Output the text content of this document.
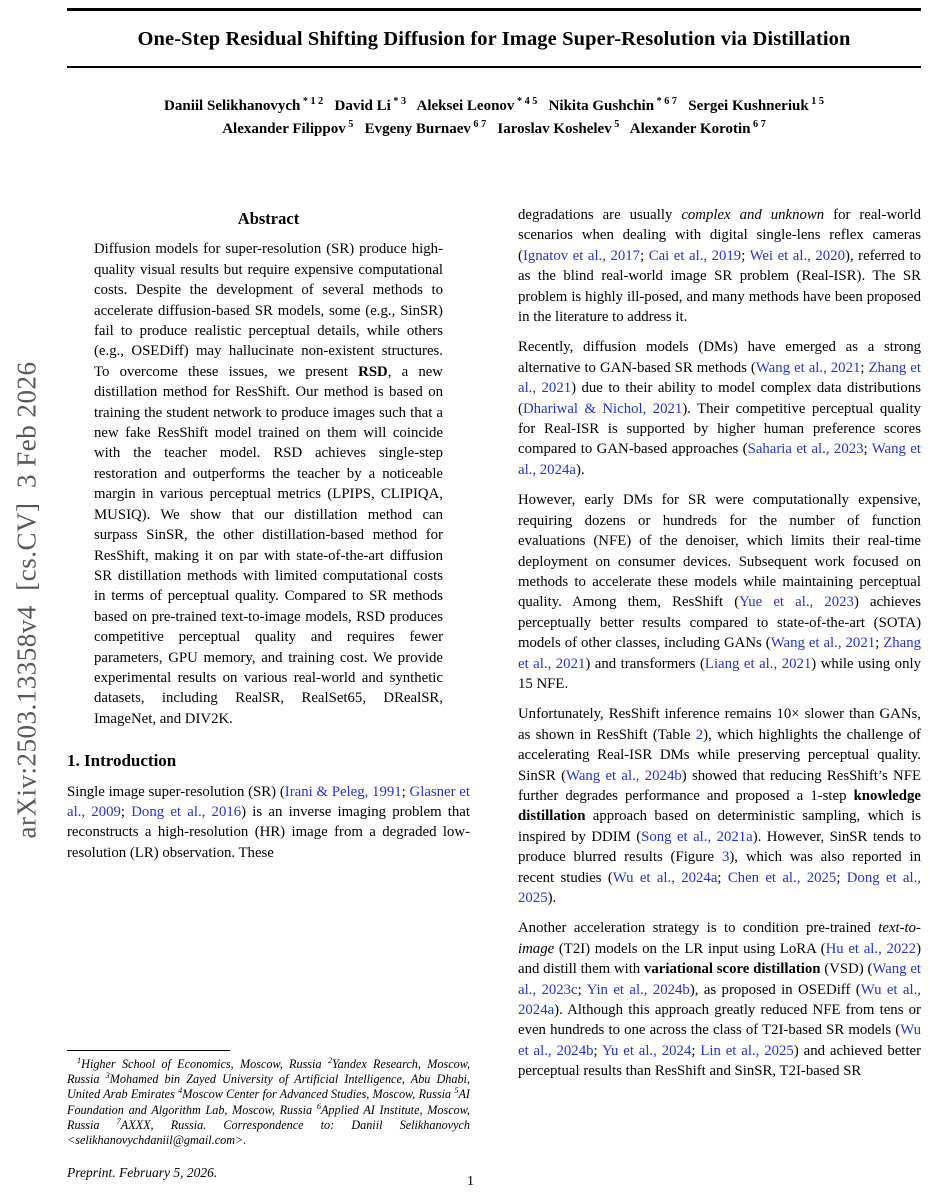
arXiv:2503.13358v4  [cs.CV]  3 Feb 2026
One-Step Residual Shifting Diffusion for Image Super-Resolution via Distillation
Daniil Selikhanovych $^{* 1 2}$ David Li $^{* 3}$ Aleksei Leonov $^{* 4 5}$ Nikita Gushchin $^{* 6 7}$ Sergei Kushneriuk $^{1 5}$
Alexander Filippov $^5$ Evgeny Burnaev $^{6 7}$ Iaroslav Koshelev $^5$ Alexander Korotin $^{6 7}$
Abstract

Diffusion models for super-resolution (SR) produce high-quality visual results but require expensive computational costs. Despite the development of several methods to accelerate diffusion-based SR models, some (e.g., SinSR) fail to produce realistic perceptual details, while others (e.g., OSEDiff) may hallucinate non-existent structures. To overcome these issues, we present RSD, a new distillation method for ResShift. Our method is based on training the student network to produce images such that a new fake ResShift model trained on them will coincide with the teacher model. RSD achieves single-step restoration and outperforms the teacher by a noticeable margin in various perceptual metrics (LPIPS, CLIPIQA, MUSIQ). We show that our distillation method can surpass SinSR, the other distillation-based method for ResShift, making it on par with state-of-the-art diffusion SR distillation methods with limited computational costs in terms of perceptual quality. Compared to SR methods based on pre-trained text-to-image models, RSD produces competitive perceptual quality and requires fewer parameters, GPU memory, and training cost. We provide experimental results on various real-world and synthetic datasets, including RealSR, RealSet65, DRealSR, ImageNet, and DIV2K.

1. Introduction

Single image super-resolution (SR) (Irani & Peleg, 1991; Glasner et al., 2009; Dong et al., 2016) is an inverse imaging problem that reconstructs a high-resolution (HR) image from a degraded low-resolution (LR) observation. These

$^1$Higher School of Economics, Moscow, Russia $^2$Yandex Research, Moscow, Russia $^3$Mohamed bin Zayed University of Artificial Intelligence, Abu Dhabi, United Arab Emirates $^4$Moscow Center for Advanced Studies, Moscow, Russia $^5$AI Foundation and Algorithm Lab, Moscow, Russia $^6$Applied AI Institute, Moscow, Russia $^7$AXXX, Russia. Correspondence to: Daniil Selikhanovych <selikhanovychdaniil@gmail.com>.

Preprint. February 5, 2026.

degradations are usually complex and unknown for real-world scenarios when dealing with digital single-lens reflex cameras (Ignatov et al., 2017; Cai et al., 2019; Wei et al., 2020), referred to as the blind real-world image SR problem (Real-ISR). The SR problem is highly ill-posed, and many methods have been proposed in the literature to address it.

Recently, diffusion models (DMs) have emerged as a strong alternative to GAN-based SR methods (Wang et al., 2021; Zhang et al., 2021) due to their ability to model complex data distributions (Dhariwal & Nichol, 2021). Their competitive perceptual quality for Real-ISR is supported by higher human preference scores compared to GAN-based approaches (Saharia et al., 2023; Wang et al., 2024a).

However, early DMs for SR were computationally expensive, requiring dozens or hundreds for the number of function evaluations (NFE) of the denoiser, which limits their real-time deployment on consumer devices. Subsequent work focused on methods to accelerate these models while maintaining perceptual quality. Among them, ResShift (Yue et al., 2023) achieves perceptually better results compared to state-of-the-art (SOTA) models of other classes, including GANs (Wang et al., 2021; Zhang et al., 2021) and transformers (Liang et al., 2021) while using only 15 NFE.

Unfortunately, ResShift inference remains 10× slower than GANs, as shown in ResShift (Table 2), which highlights the challenge of accelerating Real-ISR DMs while preserving perceptual quality. SinSR (Wang et al., 2024b) showed that reducing ResShift’s NFE further degrades performance and proposed a 1-step knowledge distillation approach based on deterministic sampling, which is inspired by DDIM (Song et al., 2021a). However, SinSR tends to produce blurred results (Figure 3), which was also reported in recent studies (Wu et al., 2024a; Chen et al., 2025; Dong et al., 2025).

Another acceleration strategy is to condition pre-trained text-to-image (T2I) models on the LR input using LoRA (Hu et al., 2022) and distill them with variational score distillation (VSD) (Wang et al., 2023c; Yin et al., 2024b), as proposed in OSEDiff (Wu et al., 2024a). Although this approach greatly reduced NFE from tens or even hundreds to one across the class of T2I-based SR models (Wu et al., 2024b; Yu et al., 2024; Lin et al., 2025) and achieved better perceptual results than ResShift and SinSR, T2I-based SR

1
